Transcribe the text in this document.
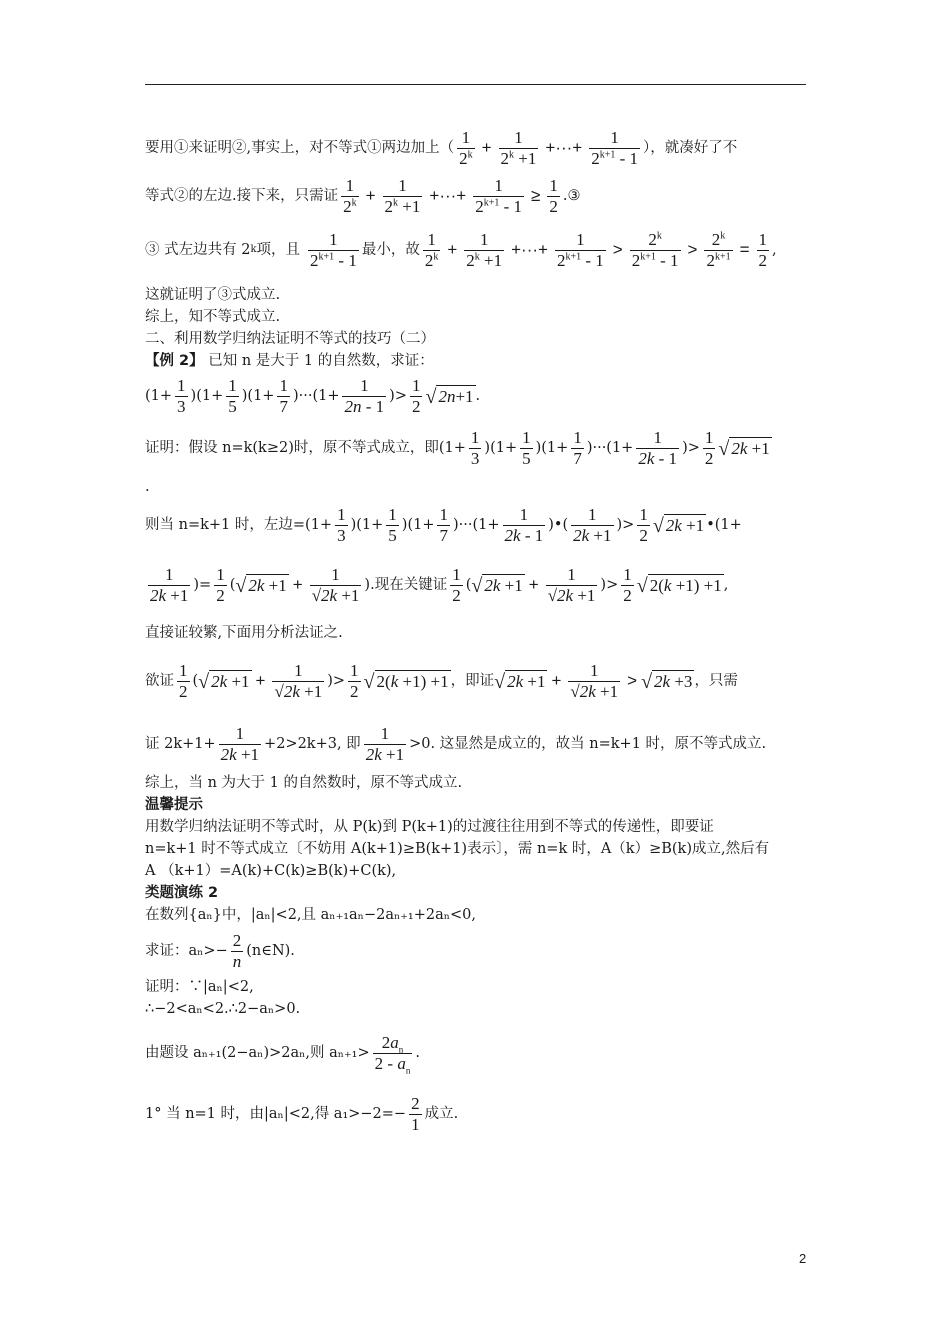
要用①来证明②,事实上，对不等式①两边加上（ $\frac{1}{2^k} + \frac{1}{2^k +1}$ +···+ $\frac{1}{2^{k+1} - 1}$ ），就凑好了不
等式②的左边.接下来，只需证 $\frac{1}{2^k} + \frac{1}{2^k +1}$ +···+ $\frac{1}{2^{k+1} - 1} \ge \frac{1}{2}$ .③
③ 式左边共有 2 k 项，且 $\frac{1}{2^{k+1} - 1}$ 最小，故 $\frac{1}{2^k} + \frac{1}{2^k +1}$ +···+ $\frac{1}{2^{k+1} - 1} > \frac{2^k}{2^{k+1} - 1} > \frac{2^k}{2^{k+1}} = \frac{1}{2}$ ,
这就证明了③式成立.
综上，知不等式成立.
二、利用数学归纳法证明不等式的技巧（二）
【例 2】 已知 n 是大于 1 的自然数，求证：
$(1+ \frac{1}{3} )(1+ \frac{1}{5} )(1+ \frac{1}{7} )\cdot\cdot\cdot(1+ \frac{1}{2n - 1}$ )> $\frac{1}{2}$ √ 2n+1 .
证明：假设 n=k(k≥2)时，原不等式成立，即 $(1+ \frac{1}{3} )(1+ \frac{1}{5} )(1+ \frac{1}{7} )\cdot\cdot\cdot(1+ \frac{1}{2k - 1}$ )> $\frac{1}{2}$ √ 2k +1
.
则当 n=k+1 时，左边= $(1+ \frac{1}{3} )(1+ \frac{1}{5} )(1+ \frac{1}{7} )\cdot\cdot\cdot(1+ \frac{1}{2k - 1}$ )•( $\frac{1}{2k +1}$ )> $\frac{1}{2}$ √ 2k +1 •(1+
$\frac{1}{2k +1}$ )= $\frac{1}{2}$ ( √ $2k +1 + \frac{1}{√2k +1}$ ).现在关键证 $\frac{1}{2}$ ( √ $2k +1 + \frac{1}{√2k +1}$ )> $\frac{1}{2}$ √ 2(k +1) +1 ,
直接证较繁,下面用分析法证之.
欲证 $\frac{1}{2}$ ( √ $2k +1 + \frac{1}{√2k +1}$ )> $\frac{1}{2}$ √ 2(k +1) +1 ，即证 √ $2k +1 + \frac{1}{√2k +1}$ > √ 2k +3 ，只需
证 $2k+1+ \frac{1}{2k +1} +2>2k+3$, 即 $\frac{1}{2k +1} >0$. 这显然是成立的，故当 n=k+1 时，原不等式成立.
综上，当 n 为大于 1 的自然数时，原不等式成立.
温馨提示
用数学归纳法证明不等式时，从 P(k)到 P(k+1)的过渡往往用到不等式的传递性，即要证
n=k+1 时不等式成立〔不妨用 A(k+1)≥B(k+1)表示〕，需 n=k 时，A（k）≥B(k)成立,然后有
A （k+1）=A(k)+C(k)≥B(k)+C(k),
类题演练 2
在数列{aₙ}中，|aₙ|<2,且 aₙ₊₁aₙ−2aₙ₊₁+2aₙ<0,
求证：$a_n>- \frac{2}{n}$ (n∈N).
证明：∵|aₙ|<2,
∴−2<aₙ<2.∴2−aₙ>0.
由题设 aₙ₊₁(2−aₙ)>2aₙ,则 $a_{n+1}> \frac{2a_n}{2 - a_n}$ .
1° 当 n=1 时，由|aₙ|<2,得 $a_1>-2=- \frac{2}{1}$ 成立.
2
